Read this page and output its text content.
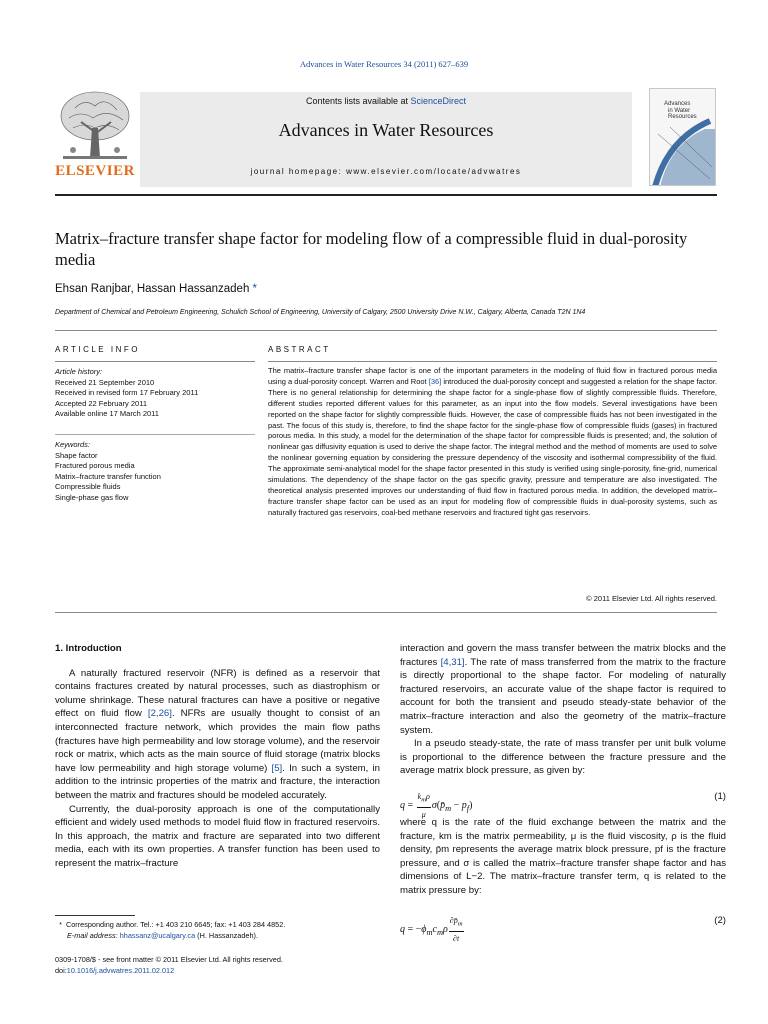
Advances in Water Resources 34 (2011) 627–639
ELSEVIER
Contents lists available at ScienceDirect
Advances in Water Resources
journal homepage: www.elsevier.com/locate/advwatres
Advances
in Water
Resources
Matrix–fracture transfer shape factor for modeling flow of a compressible fluid in dual-porosity media
Ehsan Ranjbar, Hassan Hassanzadeh *
Department of Chemical and Petroleum Engineering, Schulich School of Engineering, University of Calgary, 2500 University Drive N.W., Calgary, Alberta, Canada T2N 1N4
ARTICLE INFO
Article history:
Received 21 September 2010
Received in revised form 17 February 2011
Accepted 22 February 2011
Available online 17 March 2011
Keywords:
Shape factor
Fractured porous media
Matrix–fracture transfer function
Compressible fluids
Single-phase gas flow
ABSTRACT
The matrix–fracture transfer shape factor is one of the important parameters in the modeling of fluid flow in fractured porous media using a dual-porosity concept. Warren and Root [36] introduced the dual-porosity concept and suggested a relation for the shape factor. There is no general relationship for determining the shape factor for a single-phase flow of slightly compressible fluids. Therefore, different studies reported different values for this parameter, as an input into the flow models. Several investigations have been reported on the shape factor for slightly compressible fluids. However, the case of compressible fluids has not been investigated in the past. The focus of this study is, therefore, to find the shape factor for the single-phase flow of compressible fluids (gases) in fractured porous media. In this study, a model for the determination of the shape factor for compressible fluids is presented; and, the solution of nonlinear gas diffusivity equation is used to derive the shape factor. The integral method and the method of moments are used to solve the nonlinear governing equation by considering the pressure dependency of the viscosity and isothermal compressibility of the fluid. The approximate semi-analytical model for the shape factor presented in this study is verified using single-porosity, fine-grid, numerical simulations. The dependency of the shape factor on the gas specific gravity, pressure and temperature are also investigated. The theoretical analysis presented improves our understanding of fluid flow in fractured porous media. In addition, the developed matrix–fracture transfer shape factor can be used as an input for modeling flow of compressible fluids in dual-porosity systems, such as naturally fractured gas reservoirs, coal-bed methane reservoirs and fractured tight gas reservoirs.
© 2011 Elsevier Ltd. All rights reserved.
1. Introduction

A naturally fractured reservoir (NFR) is defined as a reservoir that contains fractures created by natural processes, such as diastrophism or volume shrinkage. These natural fractures can have a positive or negative effect on fluid flow [2,26]. NFRs are usually thought to consist of an interconnected fracture network, which provides the main flow paths (fractures have high permeability and low storage volume), and the reservoir rock or matrix, which acts as the main source of fluid storage (matrix blocks have low permeability and high storage volume) [5]. In such a system, in addition to the intrinsic properties of the matrix and fracture, the interaction between the matrix and fractures should be modeled accurately.

Currently, the dual-porosity approach is one of the computationally efficient and widely used methods to model fluid flow in fractured reservoirs. In this approach, the matrix and fracture are separated into two different media, each with its own properties. A transfer function has been used to represent the matrix–fracture

interaction and govern the mass transfer between the matrix blocks and the fractures [4,31]. The rate of mass transferred from the matrix to the fracture is directly proportional to the shape factor. For modeling of naturally fractured reservoirs, an accurate value of the shape factor is required to account for both the transient and pseudo steady-state behavior of the matrix–fracture interaction and also the geometry of the matrix–fracture system.

In a pseudo steady-state, the rate of mass transfer per unit bulk volume is proportional to the difference between the fracture pressure and the average matrix block pressure, as given by:

$q = \frac{k_m\rho}{\mu}$ $\sigma(p̄_m - p_f)$
(1)

where q is the rate of the fluid exchange between the matrix and the fracture, km is the matrix permeability, μ is the fluid viscosity, ρ is the fluid density, p̄m represents the average matrix block pressure, pf is the fracture pressure, and σ is called the matrix–fracture transfer shape factor and has dimensions of L−2. The matrix–fracture transfer term, q is related to the matrix pressure by:

$q = -\phi_mc_m\rho \frac{\partial p̄_m}{\partial t}$	(2)
* Corresponding author. Tel.: +1 403 210 6645; fax: +1 403 284 4852.
E-mail address: hhassanz@ucalgary.ca (H. Hassanzadeh).
0309-1708/$ - see front matter © 2011 Elsevier Ltd. All rights reserved.
doi:10.1016/j.advwatres.2011.02.012
